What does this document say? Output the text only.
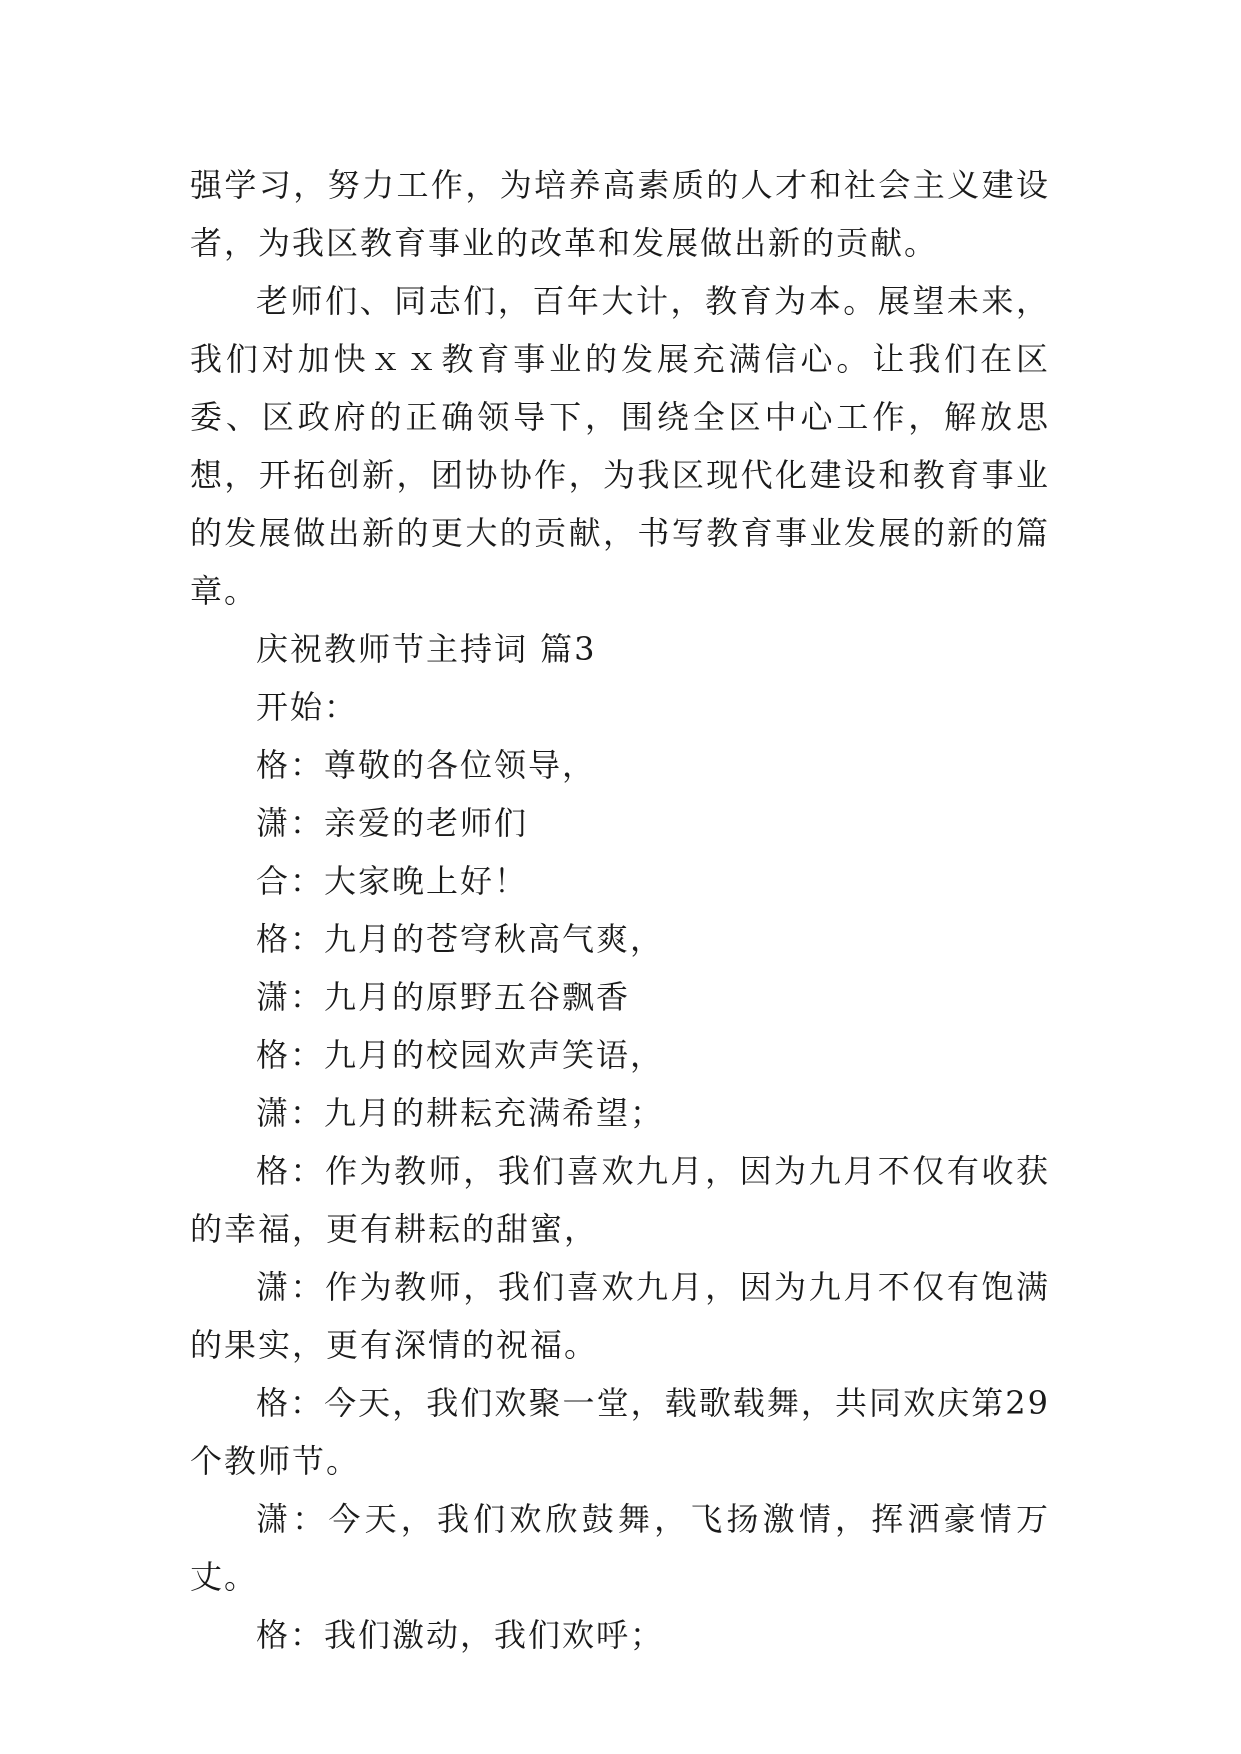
强学习，努力工作，为培养高素质的人才和社会主义建设者，为我区教育事业的改革和发展做出新的贡献。

老师们、同志们，百年大计，教育为本。展望未来，我们对加快ｘｘ教育事业的发展充满信心。让我们在区委、区政府的正确领导下，围绕全区中心工作，解放思想，开拓创新，团协协作，为我区现代化建设和教育事业的发展做出新的更大的贡献，书写教育事业发展的新的篇章。

庆祝教师节主持词 篇3

开始：

格：尊敬的各位领导，

潇：亲爱的老师们

合：大家晚上好！

格：九月的苍穹秋高气爽，

潇：九月的原野五谷飘香

格：九月的校园欢声笑语，

潇：九月的耕耘充满希望；

格：作为教师，我们喜欢九月，因为九月不仅有收获的幸福，更有耕耘的甜蜜，

潇：作为教师，我们喜欢九月，因为九月不仅有饱满的果实，更有深情的祝福。

格：今天，我们欢聚一堂，载歌载舞，共同欢庆第29个教师节。

潇：今天，我们欢欣鼓舞，飞扬激情，挥洒豪情万丈。

格：我们激动，我们欢呼；
